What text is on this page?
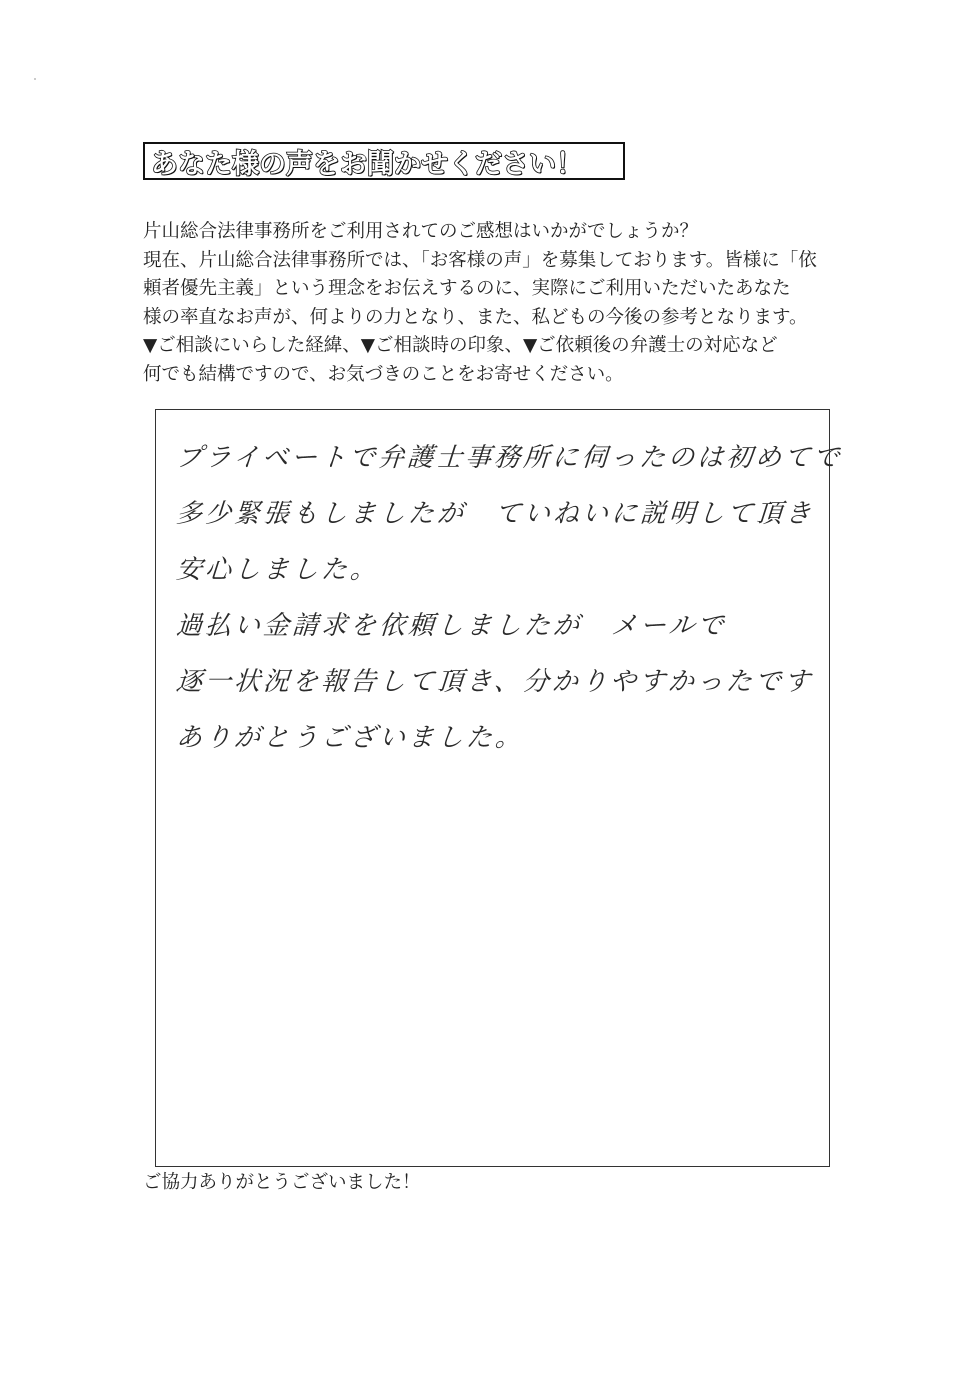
あなた様の声をお聞かせください！
片山総合法律事務所をご利用されてのご感想はいかがでしょうか？
現在、片山総合法律事務所では、「お客様の声」を募集しております。皆様に「依
頼者優先主義」という理念をお伝えするのに、実際にご利用いただいたあなた
様の率直なお声が、何よりの力となり、また、私どもの今後の参考となります。
▼ご相談にいらした経緯、▼ご相談時の印象、▼ご依頼後の弁護士の対応など
何でも結構ですので、お気づきのことをお寄せください。
プライベートで弁護士事務所に伺ったのは初めてで
多少緊張もしましたが　ていねいに説明して頂き
安心しました。
過払い金請求を依頼しましたが　メールで
逐一状況を報告して頂き、分かりやすかったです
ありがとうございました。
ご協力ありがとうございました！
